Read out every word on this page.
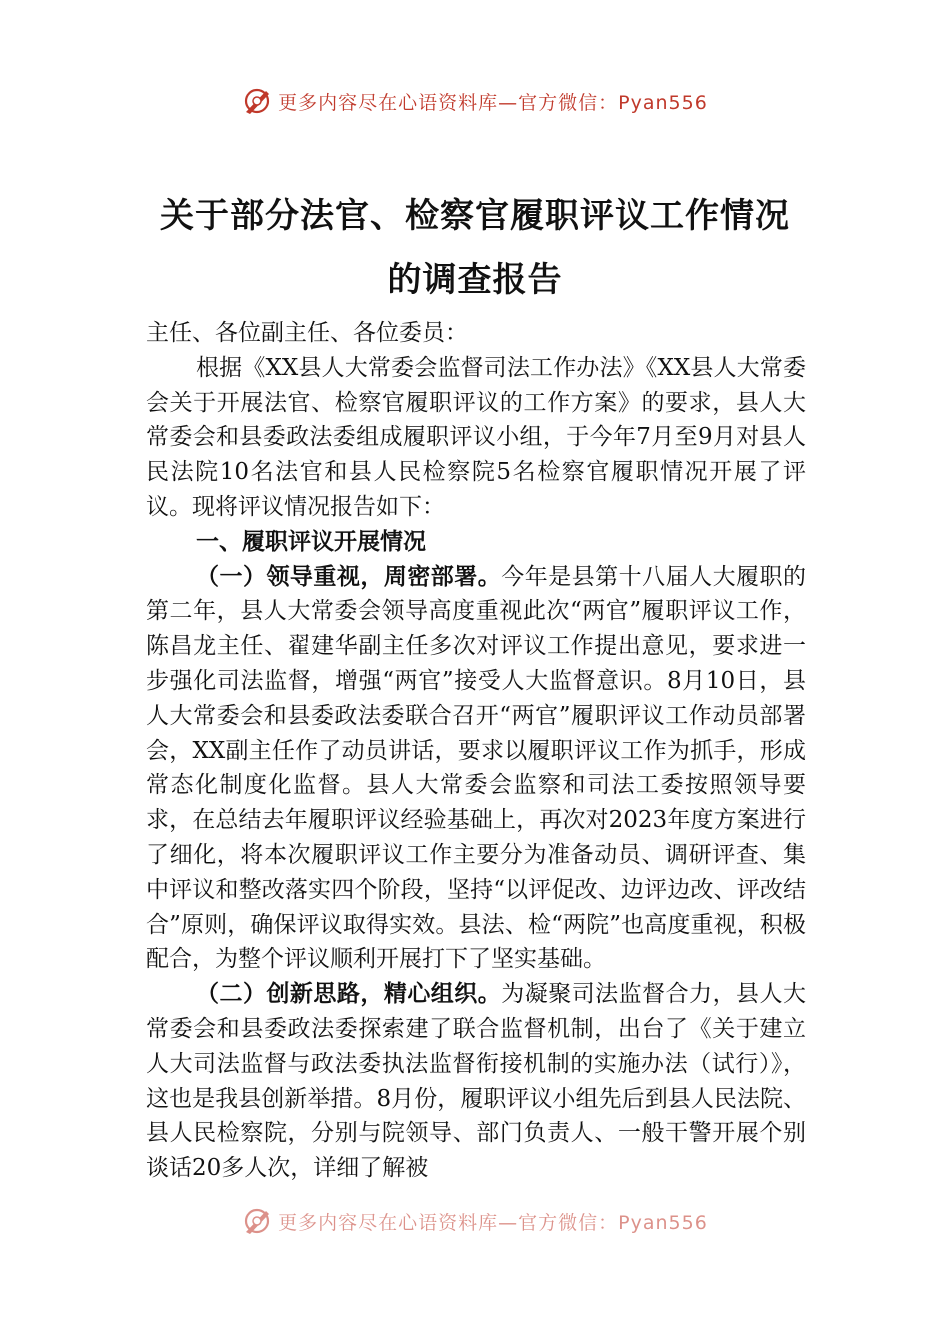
更多内容尽在心语资料库—官方微信：Pyan556
关于部分法官、检察官履职评议工作情况
的调查报告

主任、各位副主任、各位委员：

根据《XX县人大常委会监督司法工作办法》《XX县人大常委会关于开展法官、检察官履职评议的工作方案》的要求，县人大常委会和县委政法委组成履职评议小组，于今年7月至9月对县人民法院10名法官和县人民检察院5名检察官履职情况开展了评议。现将评议情况报告如下：

一、履职评议开展情况

（一）领导重视，周密部署。今年是县第十八届人大履职的第二年，县人大常委会领导高度重视此次“两官”履职评议工作，陈昌龙主任、翟建华副主任多次对评议工作提出意见，要求进一步强化司法监督，增强“两官”接受人大监督意识。8月10日，县人大常委会和县委政法委联合召开“两官”履职评议工作动员部署会，XX副主任作了动员讲话，要求以履职评议工作为抓手，形成常态化制度化监督。县人大常委会监察和司法工委按照领导要求，在总结去年履职评议经验基础上，再次对2023年度方案进行了细化，将本次履职评议工作主要分为准备动员、调研评查、集中评议和整改落实四个阶段，坚持“以评促改、边评边改、评改结合”原则，确保评议取得实效。县法、检“两院”也高度重视，积极配合，为整个评议顺利开展打下了坚实基础。

（二）创新思路，精心组织。为凝聚司法监督合力，县人大常委会和县委政法委探索建了联合监督机制，出台了《关于建立人大司法监督与政法委执法监督衔接机制的实施办法（试行）》，这也是我县创新举措。8月份，履职评议小组先后到县人民法院、县人民检察院，分别与院领导、部门负责人、一般干警开展个别谈话20多人次，详细了解被

更多内容尽在心语资料库—官方微信：Pyan556
